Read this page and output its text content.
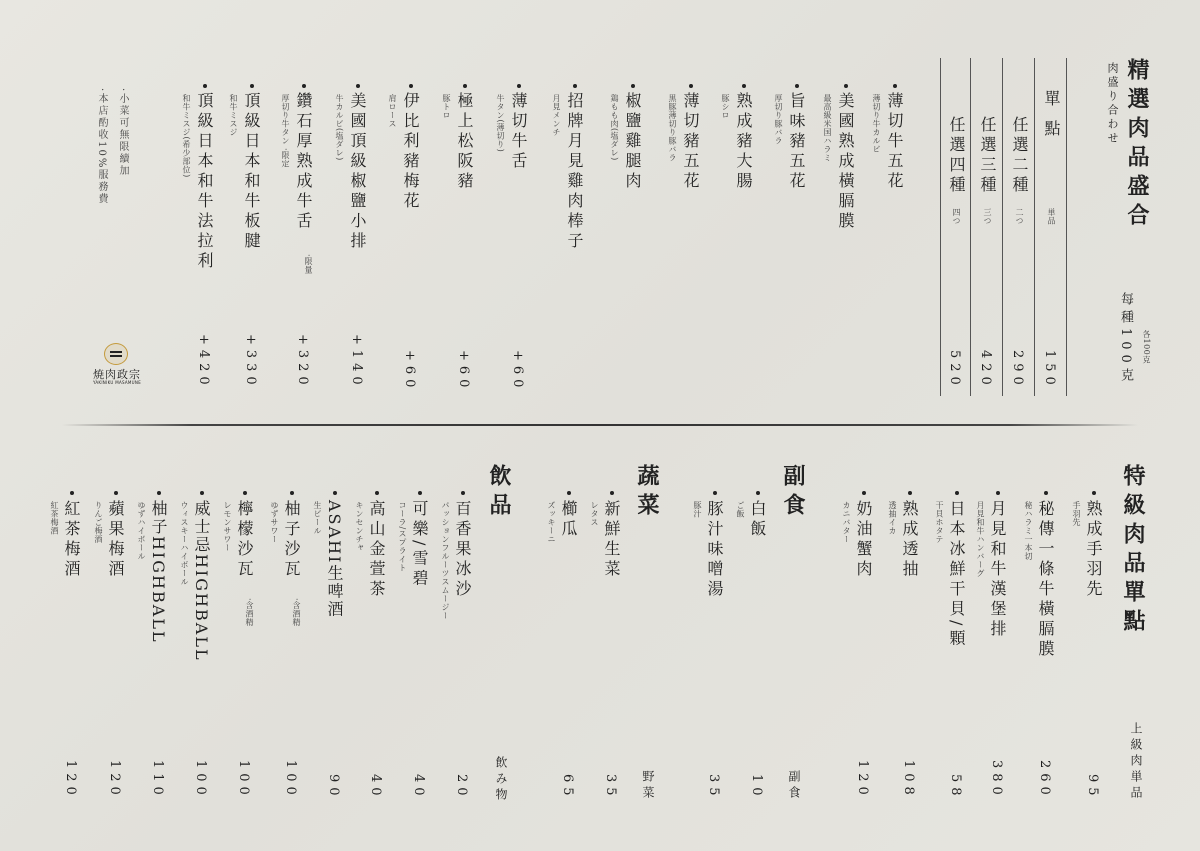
精選肉品盛合
肉盛り合わせ
每種100克 各100克
單點
単品
150
任選二種
二つ
290
任選三種
三つ
420
任選四種
四つ
520
薄切牛五花
薄切り牛カルビ
美國熟成橫膈膜
最高級米国ハラミ
旨味豬五花
厚切り豚バラ
熟成豬大腸
豚シロ
薄切豬五花
黒豚薄切り豚バラ
椒鹽雞腿肉
鶏もも肉(塩ダレ)
招牌月見雞肉棒子
月見メンチ
薄切牛舌
牛タン(薄切り)
+60
極上松阪豬
豚トロ
+60
伊比利豬梅花
肩ロース
+60
美國頂級椒鹽小排
牛カルビ(塩ダレ)
+140
鑽石厚熟成牛舌
·限量
厚切り牛タン ·限定
+320
頂級日本和牛板腱
和牛ミスジ
+330
頂級日本和牛法拉利
和牛ミスジ(希少部位)
+420
·小菜可無限續加
·本店酌收10%服務費
焼肉政宗
YAKINIKU MASAMUNE
特級肉品單點
上級肉単品
熟成手羽先
手羽先
95
秘傳一條牛橫膈膜
秘ハラミ一本切
260
月見和牛漢堡排
月見和牛ハンバーグ
380
日本冰鮮干貝/顆
干貝ホタテ
58
熟成透抽
透抽イカ
108
奶油蟹肉
カニバター
120
副食
副食
白飯
ご飯
10
豚汁味噌湯
豚汁
35
蔬菜
野菜
新鮮生菜
レタス
35
櫛瓜
ズッキーニ
65
飲品
飲み物
百香果冰沙
パッションフルーツスムージー
20
可樂/雪碧
コーラ/スプライト
40
高山金萱茶
キンセンチャ
40
ASAHI生啤酒
生ビール
90
柚子沙瓦
·含酒精
ゆずサワー
100
檸檬沙瓦
·含酒精
レモンサワー
100
威士忌HIGHBALL
ウィスキーハイボール
100
柚子HIGHBALL
ゆずハイボール
110
蘋果梅酒
りんご梅酒
120
紅茶梅酒
紅茶梅酒
120
